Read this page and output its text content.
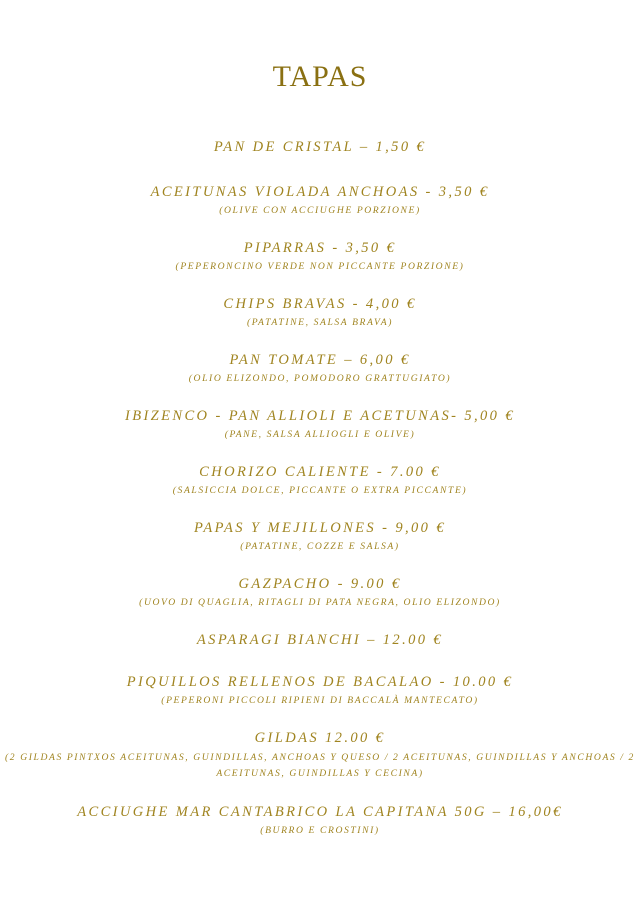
TAPAS
PAN DE CRISTAL – 1,50 €
ACEITUNAS VIOLADA ANCHOAS - 3,50 €
(OLIVE CON ACCIUGHE PORZIONE)
PIPARRAS - 3,50 €
(PEPERONCINO VERDE NON PICCANTE PORZIONE)
CHIPS BRAVAS - 4,00 €
(PATATINE, SALSA BRAVA)
PAN TOMATE – 6,00 €
(OLIO ELIZONDO, POMODORO GRATTUGIATO)
IBIZENCO - PAN ALLIOLI E ACETUNAS- 5,00 €
(PANE, SALSA ALLIOGLI E OLIVE)
CHORIZO CALIENTE - 7.00 €
(SALSICCIA DOLCE, PICCANTE O EXTRA PICCANTE)
PAPAS Y MEJILLONES - 9,00 €
(PATATINE, COZZE E SALSA)
GAZPACHO - 9.00 €
(UOVO DI QUAGLIA, RITAGLI DI PATA NEGRA, OLIO ELIZONDO)
ASPARAGI BIANCHI – 12.00 €
PIQUILLOS RELLENOS DE BACALAO - 10.00 €
(PEPERONI PICCOLI RIPIENI DI BACCALÀ MANTECATO)
GILDAS 12.00 €
(2 GILDAS PINTXOS ACEITUNAS, GUINDILLAS, ANCHOAS Y QUESO / 2 ACEITUNAS, GUINDILLAS Y ANCHOAS / 2 ACEITUNAS, GUINDILLAS Y CECINA)
ACCIUGHE MAR CANTABRICO LA CAPITANA 50G – 16,00€
(BURRO E CROSTINI)
